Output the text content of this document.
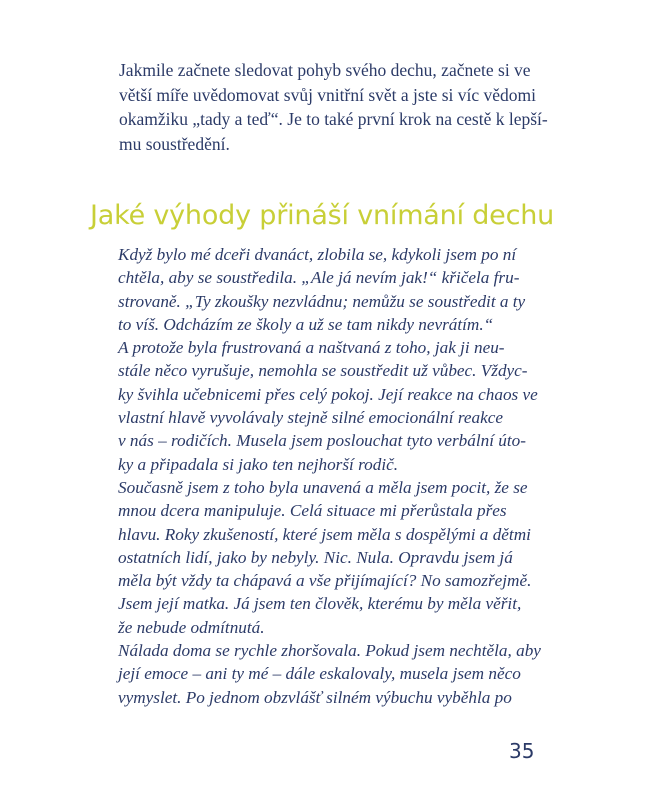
Jakmile začnete sledovat pohyb svého dechu, začnete si ve
větší míře uvědomovat svůj vnitřní svět a jste si víc vědomi
okamžiku „tady a teď“. Je to také první krok na cestě k lepší-
mu soustředění.
Jaké výhody přináší vnímání dechu
Když bylo mé dceři dvanáct, zlobila se, kdykoli jsem po ní
chtěla, aby se soustředila. „Ale já nevím jak!“ křičela fru-
strovaně. „Ty zkoušky nezvládnu; nemůžu se soustředit a ty
to víš. Odcházím ze školy a už se tam nikdy nevrátím.“
A protože byla frustrovaná a naštvaná z toho, jak ji neu-
stále něco vyrušuje, nemohla se soustředit už vůbec. Vždyc-
ky švihla učebnicemi přes celý pokoj. Její reakce na chaos ve
vlastní hlavě vyvolávaly stejně silné emocionální reakce
v nás – rodičích. Musela jsem poslouchat tyto verbální úto-
ky a připadala si jako ten nejhorší rodič.
Současně jsem z toho byla unavená a měla jsem pocit, že se
mnou dcera manipuluje. Celá situace mi přerůstala přes
hlavu. Roky zkušeností, které jsem měla s dospělými a dětmi
ostatních lidí, jako by nebyly. Nic. Nula. Opravdu jsem já
měla být vždy ta chápavá a vše přijímající? No samozřejmě.
Jsem její matka. Já jsem ten člověk, kterému by měla věřit,
že nebude odmítnutá.
Nálada doma se rychle zhoršovala. Pokud jsem nechtěla, aby
její emoce – ani ty mé – dále eskalovaly, musela jsem něco
vymyslet. Po jednom obzvlášť silném výbuchu vyběhla po
35
